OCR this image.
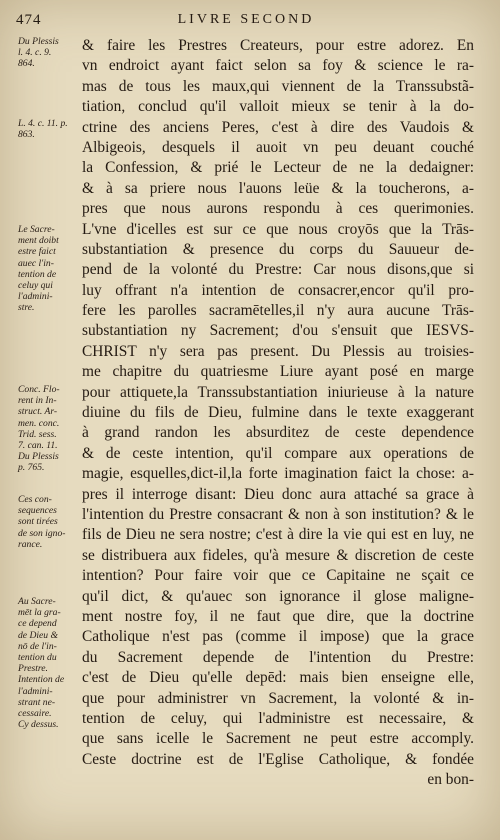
474	LIVRE SECOND
Du Plessis
l. 4. c. 9.
864.
L. 4. c. 11. p.
863.
Le Sacre-
ment doibt
estre faict
auec l'in-
tention de
celuy qui
l'admini-
stre.
Conc. Flo-
rent in In-
struct. Ar-
men. conc.
Trid. sess.
7. can. 11.
Du Plessis
p. 765.
Ces con-
sequences
sont tirées
de son igno-
rance.
Au Sacre-
mēt la gra-
ce depend
de Dieu &
nō de l'in-
tention du
Prestre.
Intention de
l'admini-
strant ne-
cessaire.
Cy dessus.
& faire les Prestres Createurs, pour estre adorez. En
vn endroict ayant faict selon sa foy & science le ra-
mas de tous les maux,qui viennent de la Transsubstã-
tiation, conclud qu'il valloit mieux se tenir à la do-
ctrine des anciens Peres, c'est à dire des Vaudois &
Albigeois, desquels il auoit vn peu deuant couché
la Confession, & prié le Lecteur de ne la dedaigner:
& à sa priere nous l'auons leüe & la toucherons, a-
pres que nous aurons respondu à ces querimonies.
L'vne d'icelles est sur ce que nous croyōs que la Trās-
substantiation & presence du corps du Sauueur de-
pend de la volonté du Prestre: Car nous disons,que si
luy offrant n'a intention de consacrer,encor qu'il pro-
fere les parolles sacramētelles,il n'y aura aucune Trās-
substantiation ny Sacrement; d'ou s'ensuit que IESVS-
CHRIST n'y sera pas present. Du Plessis au troisies-
me chapitre du quatriesme Liure ayant posé en marge
pour attiquete,la Transsubstantiation iniurieuse à la nature
diuine du fils de Dieu, fulmine dans le texte exaggerant
à grand randon les absurditez de ceste dependence
& de ceste intention, qu'il compare aux operations de
magie, esquelles,dict-il,la forte imagination faict la chose: a-
pres il interroge disant: Dieu donc aura attaché sa grace à
l'intention du Prestre consacrant & non à son institution? & le
fils de Dieu ne sera nostre; c'est à dire la vie qui est en luy, ne
se distribuera aux fideles, qu'à mesure & discretion de ceste
intention? Pour faire voir que ce Capitaine ne sçait ce
qu'il dict, & qu'auec son ignorance il glose maligne-
ment nostre foy, il ne faut que dire, que la doctrine
Catholique n'est pas (comme il impose) que la grace
du Sacrement depende de l'intention du Prestre:
c'est de Dieu qu'elle depēd: mais bien enseigne elle,
que pour administrer vn Sacrement, la volonté & in-
tention de celuy, qui l'administre est necessaire, &
que sans icelle le Sacrement ne peut estre accomply.
Ceste doctrine est de l'Eglise Catholique, & fondée
en bon-
